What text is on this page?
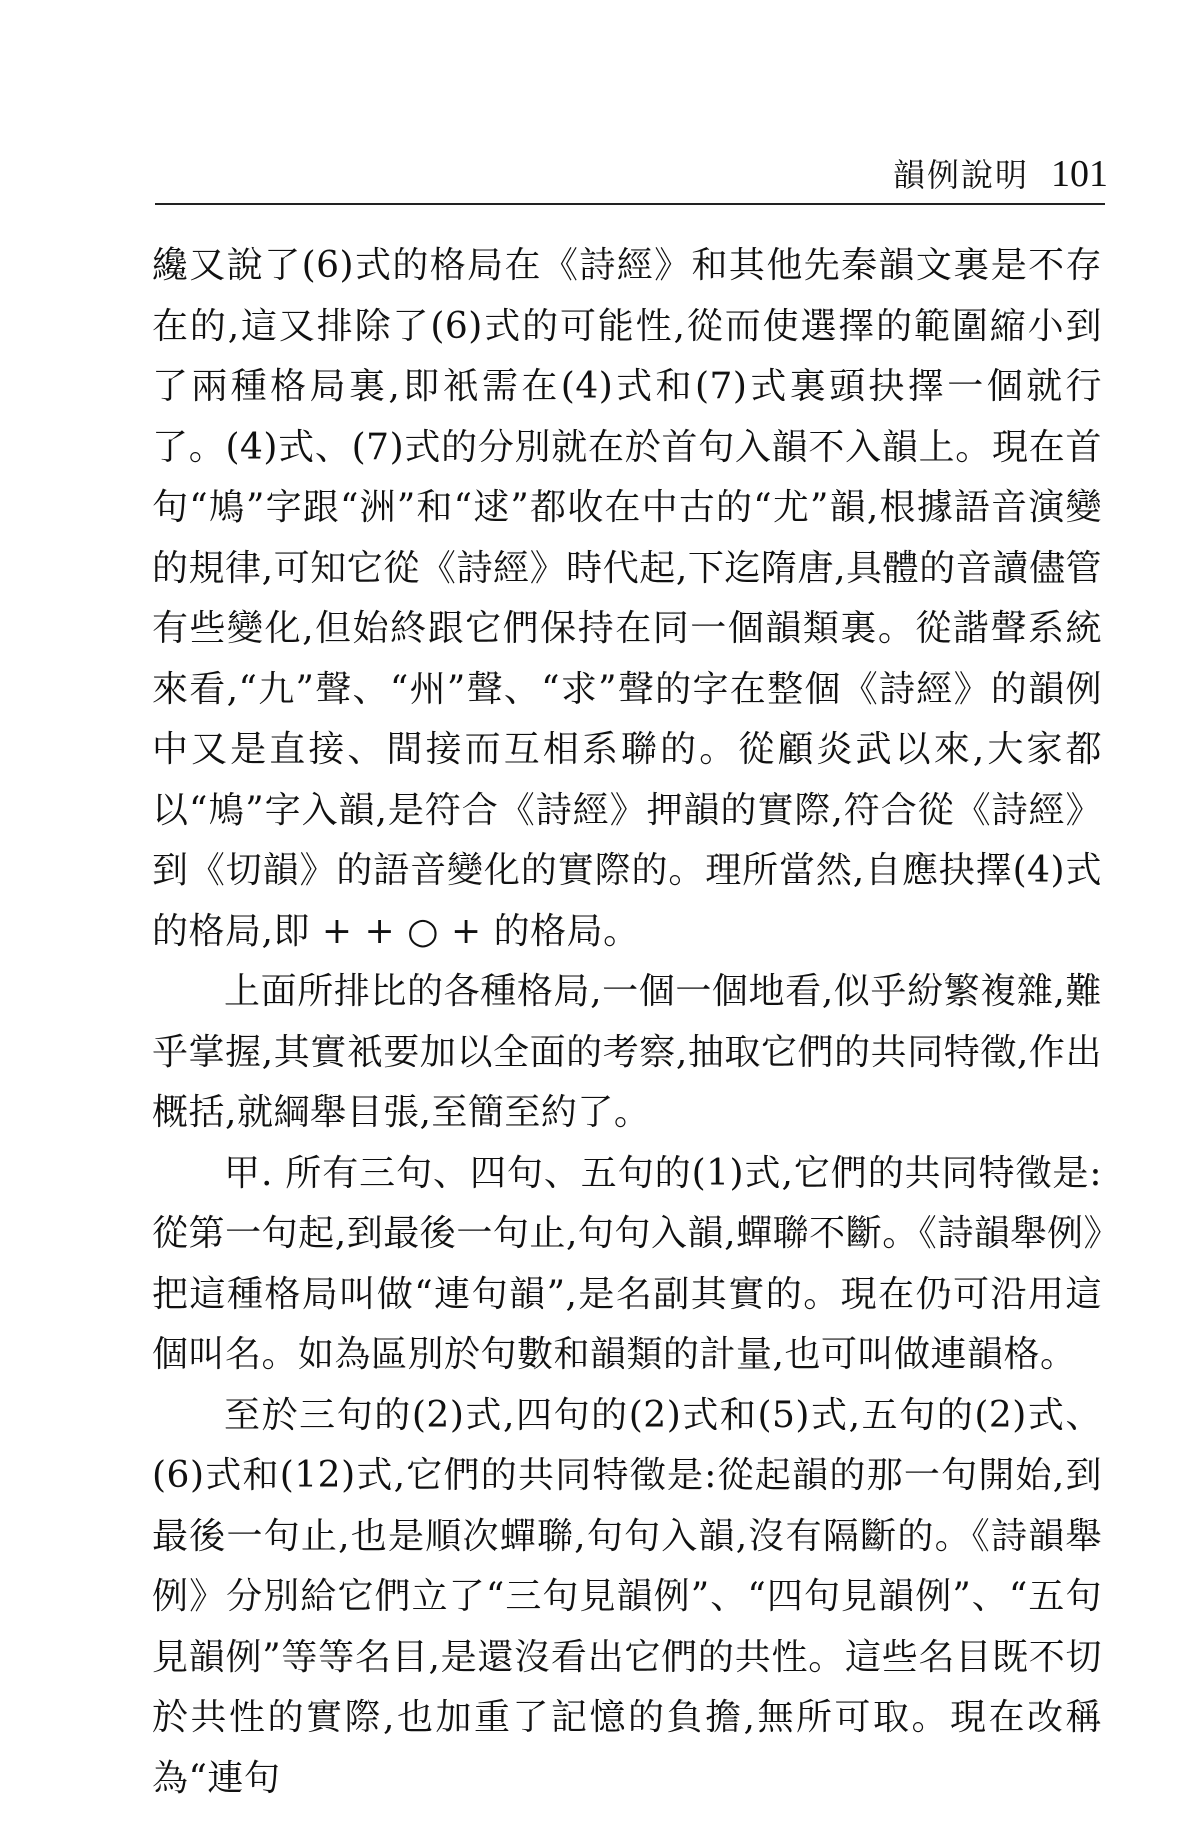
韻例說明 101

纔又說了(6)式的格局在《詩經》和其他先秦韻文裏是不存在的,這又排除了(6)式的可能性,從而使選擇的範圍縮小到了兩種格局裏,即衹需在(4)式和(7)式裏頭抉擇一個就行了。(4)式、(7)式的分別就在於首句入韻不入韻上。現在首句“鳩”字跟“洲”和“逑”都收在中古的“尤”韻,根據語音演變的規律,可知它從《詩經》時代起,下迄隋唐,具體的音讀儘管有些變化,但始終跟它們保持在同一個韻類裏。從諧聲系統來看,“九”聲、“州”聲、“求”聲的字在整個《詩經》的韻例中又是直接、間接而互相系聯的。從顧炎武以來,大家都以“鳩”字入韻,是符合《詩經》押韻的實際,符合從《詩經》到《切韻》的語音變化的實際的。理所當然,自應抉擇(4)式的格局,即 + + ○ + 的格局。

上面所排比的各種格局,一個一個地看,似乎紛繁複雜,難乎掌握,其實衹要加以全面的考察,抽取它們的共同特徵,作出概括,就綱舉目張,至簡至約了。

甲. 所有三句、四句、五句的(1)式,它們的共同特徵是:從第一句起,到最後一句止,句句入韻,蟬聯不斷。《詩韻舉例》把這種格局叫做“連句韻”,是名副其實的。現在仍可沿用這個叫名。如為區別於句數和韻類的計量,也可叫做連韻格。

至於三句的(2)式,四句的(2)式和(5)式,五句的(2)式、(6)式和(12)式,它們的共同特徵是:從起韻的那一句開始,到最後一句止,也是順次蟬聯,句句入韻,沒有隔斷的。《詩韻舉例》分別給它們立了“三句見韻例”、“四句見韻例”、“五句見韻例”等等名目,是還沒看出它們的共性。這些名目既不切於共性的實際,也加重了記憶的負擔,無所可取。現在改稱為“連句
